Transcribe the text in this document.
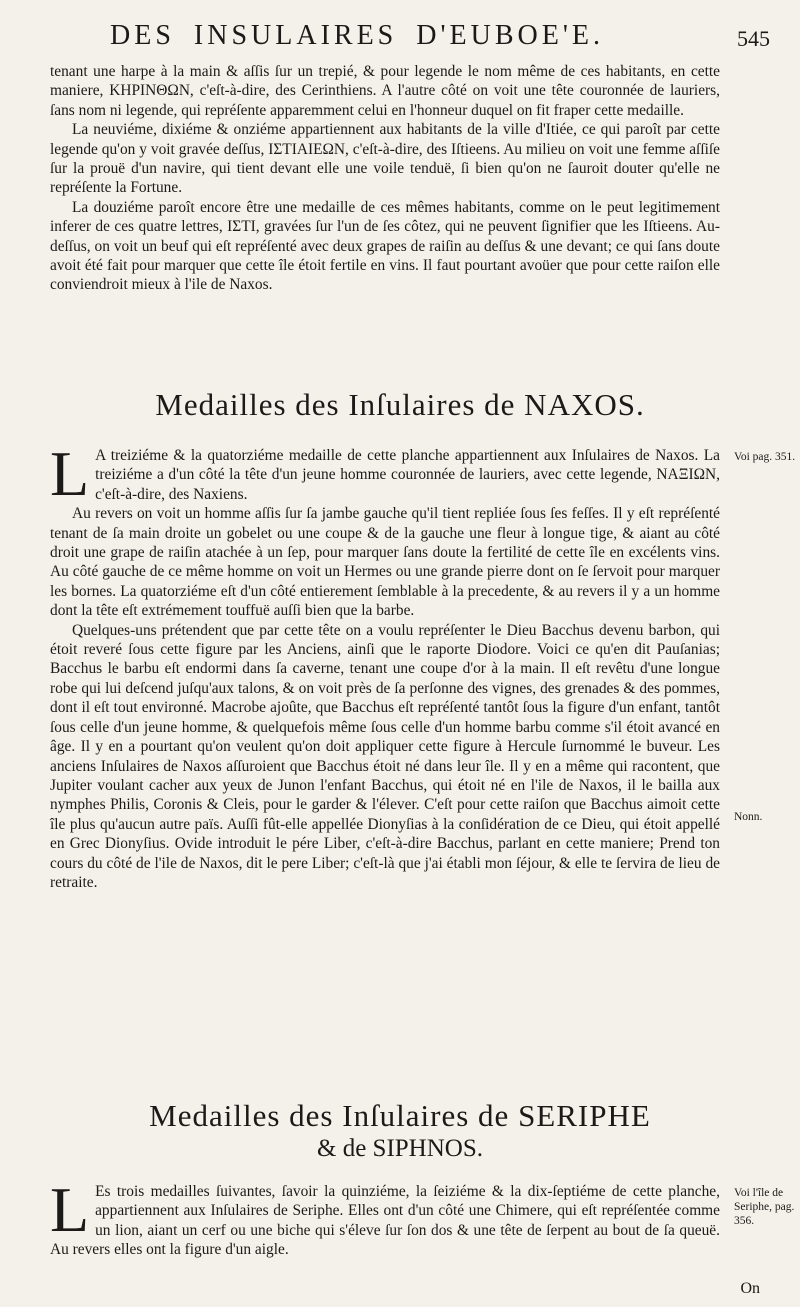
DES INSULAIRES D'EUBOE'E.	545

tenant une harpe à la main & aſſis ſur un trepié, & pour legende le nom même de ces habitants, en cette maniere, KHPINΘΩN, c'eſt-à-dire, des Cerinthiens. A l'autre côté on voit une tête couronnée de lauriers, ſans nom ni legende, qui repréſente apparemment celui en l'honneur duquel on fit fraper cette medaille.

La neuviéme, dixiéme & onziéme appartiennent aux habitants de la ville d'Itiée, ce qui paroît par cette legende qu'on y voit gravée deſſus, IΣTIAIEΩN, c'eſt-à-dire, des Iſtieens. Au milieu on voit une femme aſſiſe ſur la prouë d'un navire, qui tient devant elle une voile tenduë, ſi bien qu'on ne ſauroit douter qu'elle ne repréſente la Fortune.

La douziéme paroît encore être une medaille de ces mêmes habitants, comme on le peut legitimement inferer de ces quatre lettres, IΣTI, gravées ſur l'un de ſes côtez, qui ne peuvent ſignifier que les Iſtieens. Au-deſſus, on voit un beuf qui eſt repréſenté avec deux grapes de raiſin au deſſus & une devant; ce qui ſans doute avoit été fait pour marquer que cette île étoit fertile en vins. Il faut pourtant avoüer que pour cette raiſon elle conviendroit mieux à l'ile de Naxos.

Medailles des Inſulaires de NAXOS.
L A treiziéme & la quatorziéme medaille de cette planche appartiennent aux Inſulaires de Naxos. La treiziéme a d'un côté la tête d'un jeune homme couronnée de lauriers, avec cette legende, NAΞIΩN, c'eſt-à-dire, des Naxiens.

Au revers on voit un homme aſſis ſur ſa jambe gauche qu'il tient repliée ſous ſes feſſes. Il y eſt repréſenté tenant de ſa main droite un gobelet ou une coupe & de la gauche une fleur à longue tige, & aiant au côté droit une grape de raiſin atachée à un ſep, pour marquer ſans doute la fertilité de cette île en excélents vins. Au côté gauche de ce même homme on voit un Hermes ou une grande pierre dont on ſe ſervoit pour marquer les bornes. La quatorziéme eſt d'un côté entierement ſemblable à la precedente, & au revers il y a un homme dont la tête eſt extrémement touffuë auſſi bien que la barbe.

Quelques-uns prétendent que par cette tête on a voulu repréſenter le Dieu Bacchus devenu barbon, qui étoit reveré ſous cette figure par les Anciens, ainſi que le raporte Diodore. Voici ce qu'en dit Pauſanias; Bacchus le barbu eſt endormi dans ſa caverne, tenant une coupe d'or à la main. Il eſt revêtu d'une longue robe qui lui deſcend juſqu'aux talons, & on voit près de ſa perſonne des vignes, des grenades & des pommes, dont il eſt tout environné. Macrobe ajoûte, que Bacchus eſt repréſenté tantôt ſous la figure d'un enfant, tantôt ſous celle d'un jeune homme, & quelquefois même ſous celle d'un homme barbu comme s'il étoit avancé en âge. Il y en a pourtant qu'on veulent qu'on doit appliquer cette figure à Hercule ſurnommé le buveur. Les anciens Inſulaires de Naxos aſſuroient que Bacchus étoit né dans leur île. Il y en a même qui racontent, que Jupiter voulant cacher aux yeux de Junon l'enfant Bacchus, qui étoit né en l'ile de Naxos, il le bailla aux nymphes Philis, Coronis & Cleis, pour le garder & l'élever. C'eſt pour cette raiſon que Bacchus aimoit cette île plus qu'aucun autre païs. Auſſi fût-elle appellée Dionyſias à la conſidération de ce Dieu, qui étoit appellé en Grec Dionyſius. Ovide introduit le pére Liber, c'eſt-à-dire Bacchus, parlant en cette maniere; Prend ton cours du côté de l'ile de Naxos, dit le pere Liber; c'eſt-là que j'ai établi mon ſéjour, & elle te ſervira de lieu de retraite.

Medailles des Inſulaires de SERIPHE
& de SIPHNOS.
L Es trois medailles ſuivantes, ſavoir la quinziéme, la ſeiziéme & la dix-ſeptiéme de cette planche, appartiennent aux Inſulaires de Seriphe. Elles ont d'un côté une Chimere, qui eſt repréſentée comme un lion, aiant un cerf ou une biche qui s'éleve ſur ſon dos & une tête de ſerpent au bout de ſa queuë. Au revers elles ont la figure d'un aigle.

On
Voi pag. 351.
Nonn.
Voi l'île de Seriphe, pag. 356.
